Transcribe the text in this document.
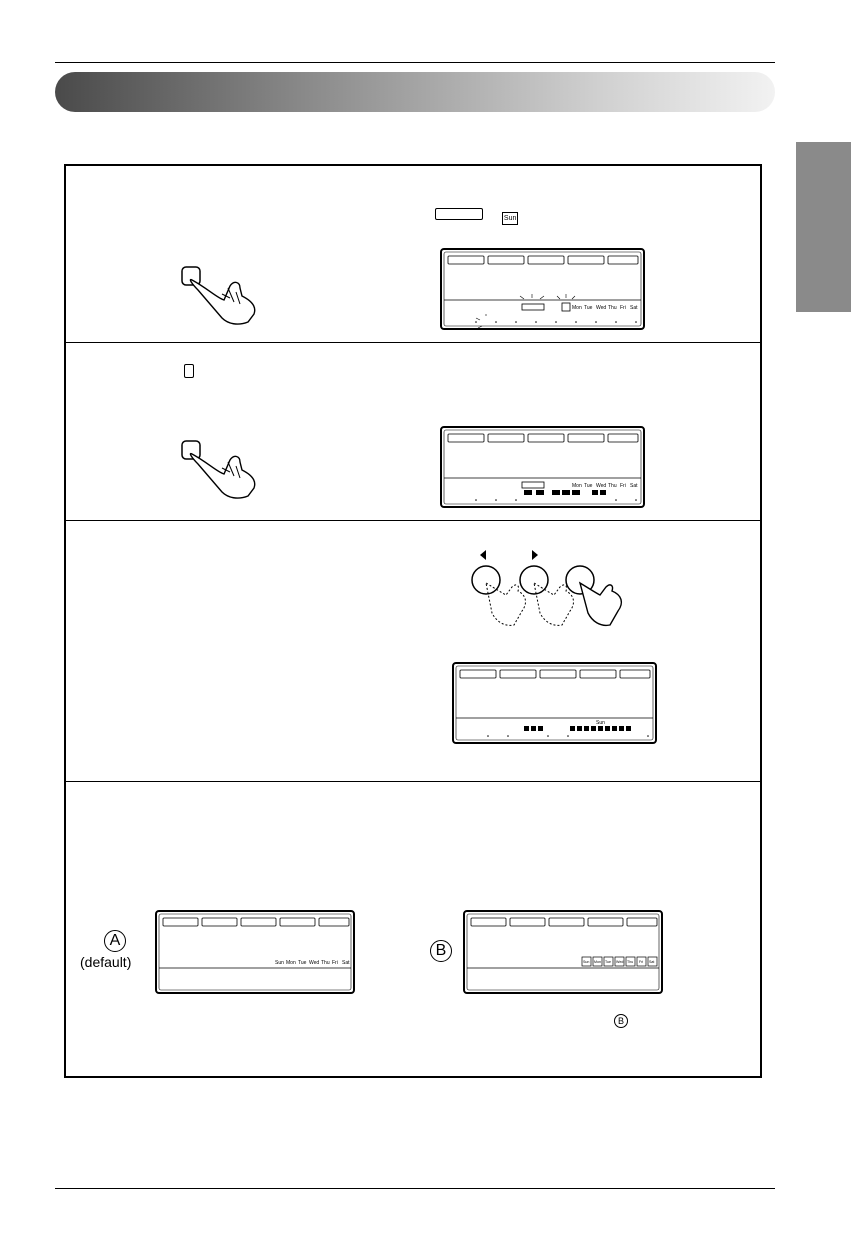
Sun
Mon Tue Wed Thu Fri Sat
Mon Tue Wed Thu Fri Sat
Sun
A
(default)	Sun Mon Tue Wed Thu Fri Sat
B
Sun Mon Tue Wed Thu Fri Sat
B
